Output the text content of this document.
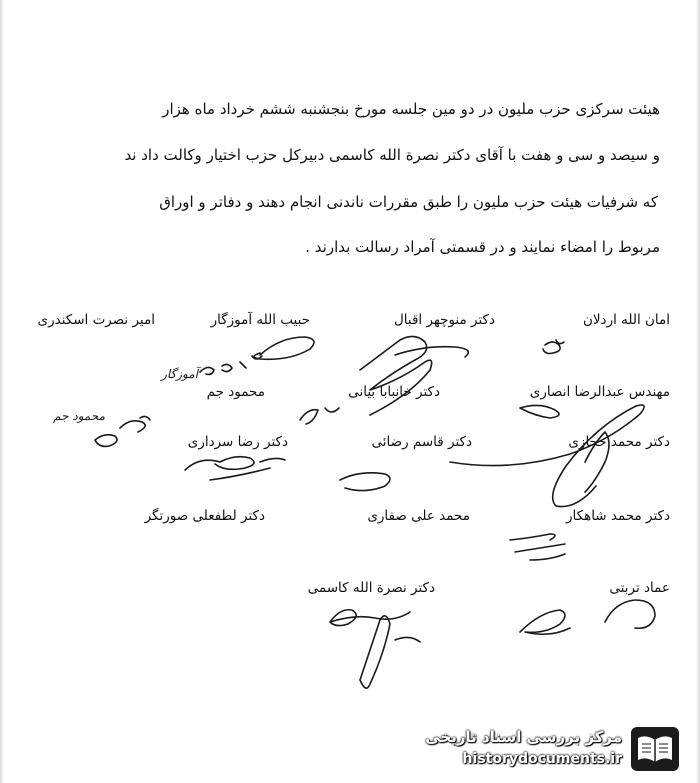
هیئت سرکزی حزب مليون در دو مين جلسه مورخ بنجشنبه ششم خرداد ماه هزار
و سیصد و سی و هفت با آقای دکتر نصرة الله کاسمی دبیرکل حزب اختیار وکالت داد ند
که شرفیات هیئت حزب ملیون را طبق مقررات ناندنی انجام دهند و دفاتر و اوراق
مربوط را امضاء نمایند و در قسمتی آمراد رسالت بدارند .
امان الله اردلان
دکتر منوچهر اقبال
حبیب الله آموزگار
امیر نصرت اسکندری
مهندس عبدالرضا انصاری
دکتر خانبابا بیانی
محمود جم
دکتر محمد حجازی
دکتر قاسم رضائی
دکتر رضا سرداری
دکتر محمد شاهکار
محمد علی صفاری
دکتر لطفعلی صورتگر
عماد تربتی
دکتر نصرة الله کاسمی
آموزگار
محمود جم
مرکز بررسی اسناد تاریخی
historydocuments.ir
